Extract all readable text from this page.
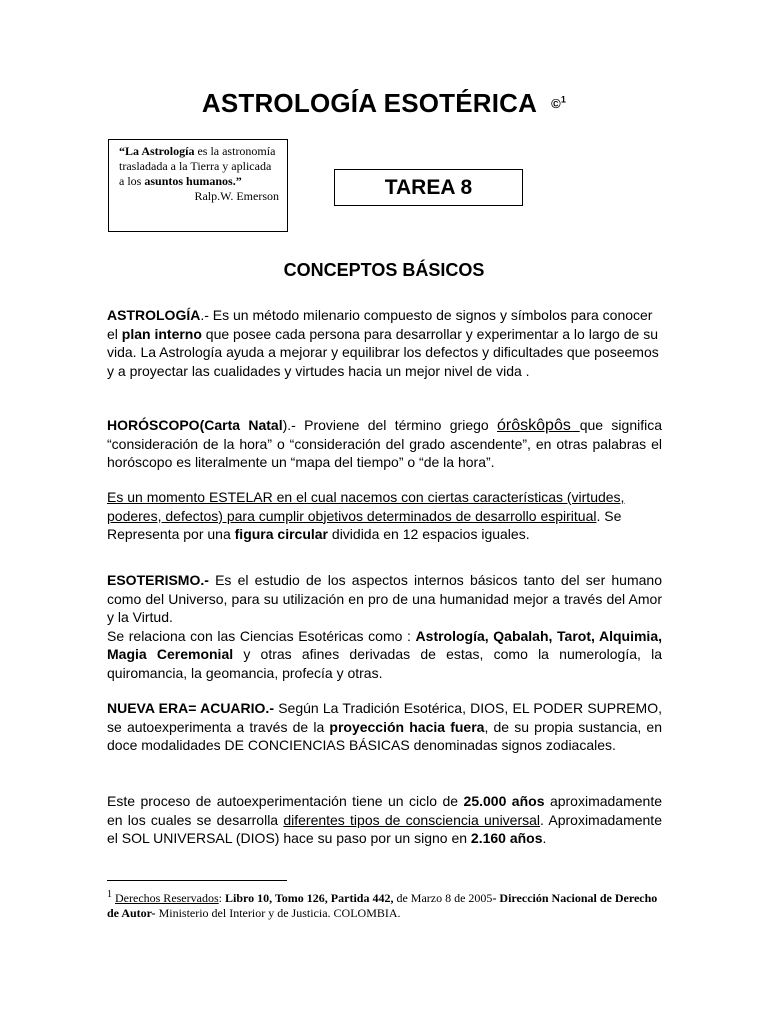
ASTROLOGÍA ESOTÉRICA ©$^1$
“La Astrología es la astronomía trasladada a la Tierra y aplicada a los asuntos humanos.”
Ralp.W. Emerson	TAREA 8
CONCEPTOS BÁSICOS

ASTROLOGÍA.- Es un método milenario compuesto de signos y símbolos para conocer el plan interno que posee cada persona para desarrollar y experimentar a lo largo de su vida. La Astrología ayuda a mejorar y equilibrar los defectos y dificultades que poseemos y a proyectar las cualidades y virtudes hacia un mejor nivel de vida .

HORÓSCOPO(Carta Natal).- Proviene del término griego órôskôpôs que significa “consideración de la hora” o “consideración del grado ascendente”, en otras palabras el horóscopo es literalmente un “mapa del tiempo” o “de la hora”.

Es un momento ESTELAR en el cual nacemos con ciertas características (virtudes, poderes, defectos) para cumplir objetivos determinados de desarrollo espiritual. Se Representa por una figura circular dividida en 12 espacios iguales.

ESOTERISMO.- Es el estudio de los aspectos internos básicos tanto del ser humano como del Universo, para su utilización en pro de una humanidad mejor a través del Amor y la Virtud.

Se relaciona con las Ciencias Esotéricas como : Astrología, Qabalah, Tarot, Alquimia, Magia Ceremonial y otras afines derivadas de estas, como la numerología, la quiromancia, la geomancia, profecía y otras.

NUEVA ERA= ACUARIO.- Según La Tradición Esotérica, DIOS, EL PODER SUPREMO, se autoexperimenta a través de la proyección hacia fuera, de su propia sustancia, en doce modalidades DE CONCIENCIAS BÁSICAS denominadas signos zodiacales.

Este proceso de autoexperimentación tiene un ciclo de 25.000 años aproximadamente en los cuales se desarrolla diferentes tipos de consciencia universal. Aproximadamente el SOL UNIVERSAL (DIOS) hace su paso por un signo en 2.160 años.

$^1$ Derechos Reservados: Libro 10, Tomo 126, Partida 442, de Marzo 8 de 2005- Dirección Nacional de Derecho de Autor- Ministerio del Interior y de Justicia. COLOMBIA.
